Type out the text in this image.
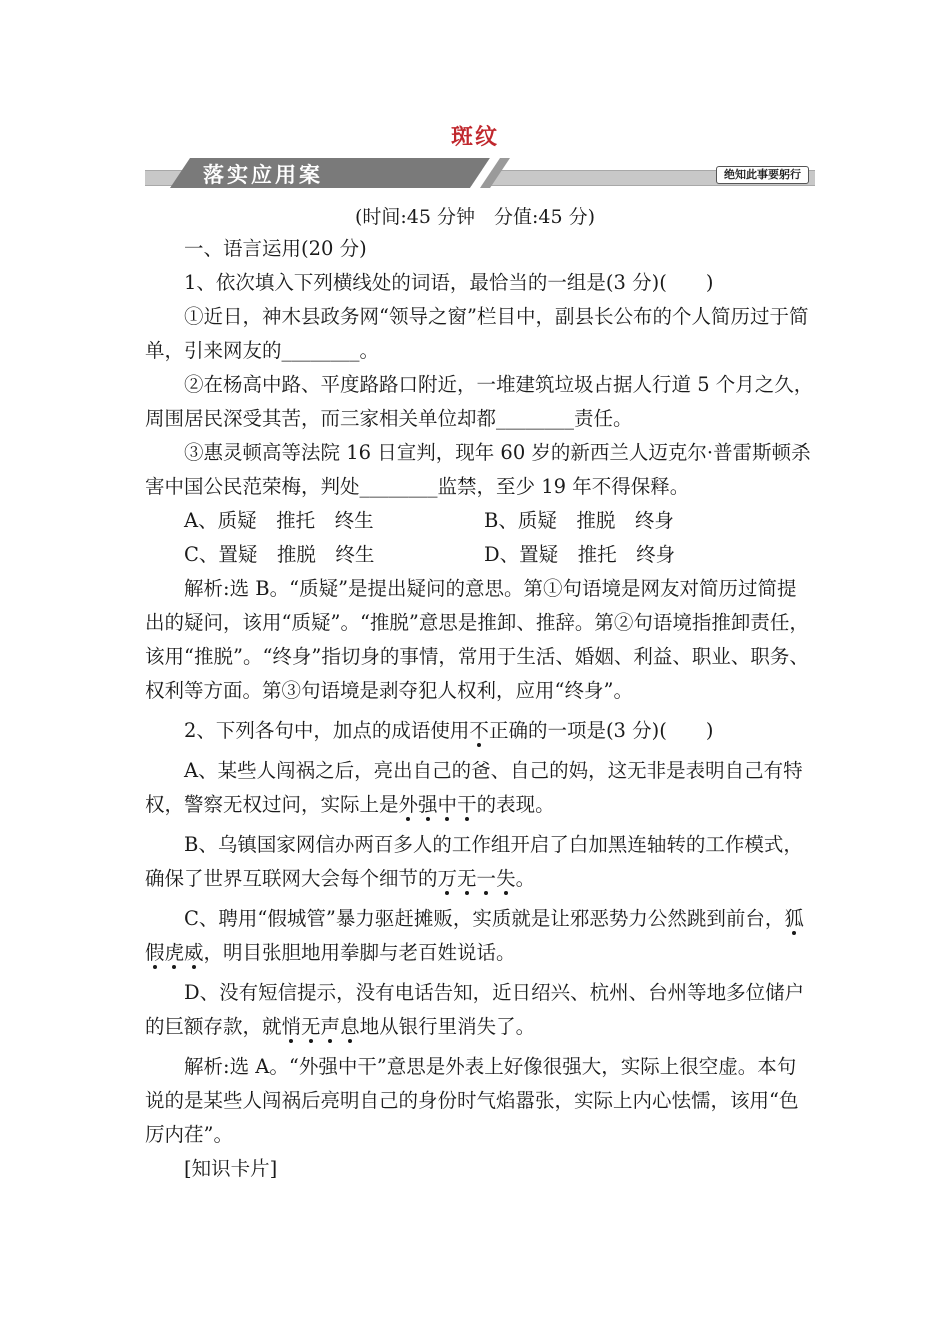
斑纹
落实应用案	绝知此事要躬行
(时间:45 分钟　分值:45 分)

一、语言运用(20 分)

1、依次填入下列横线处的词语，最恰当的一组是(3 分)(　　)

①近日，神木县政务网“领导之窗”栏目中，副县长公布的个人简历过于简单，引来网友的________。

②在杨高中路、平度路路口附近，一堆建筑垃圾占据人行道 5 个月之久，周围居民深受其苦，而三家相关单位却都________责任。

③惠灵顿高等法院 16 日宣判，现年 60 岁的新西兰人迈克尔·普雷斯顿杀害中国公民范荣梅，判处________监禁，至少 19 年不得保释。

A、质疑　推托　终生	B、质疑　推脱　终身
C、置疑　推脱　终生	D、置疑　推托　终身

解析:选 B。“质疑”是提出疑问的意思。第①句语境是网友对简历过简提出的疑问，该用“质疑”。“推脱”意思是推卸、推辞。第②句语境指推卸责任，该用“推脱”。“终身”指切身的事情，常用于生活、婚姻、利益、职业、职务、权利等方面。第③句语境是剥夺犯人权利，应用“终身”。

2、下列各句中，加点的成语使用不正确的一项是(3 分)(　　)

A、某些人闯祸之后，亮出自己的爸、自己的妈，这无非是表明自己有特权，警察无权过问，实际上是外强中干的表现。

B、乌镇国家网信办两百多人的工作组开启了白加黑连轴转的工作模式，确保了世界互联网大会每个细节的万无一失。

C、聘用“假城管”暴力驱赶摊贩，实质就是让邪恶势力公然跳到前台，狐假虎威，明目张胆地用拳脚与老百姓说话。

D、没有短信提示，没有电话告知，近日绍兴、杭州、台州等地多位储户的巨额存款，就悄无声息地从银行里消失了。

解析:选 A。“外强中干”意思是外表上好像很强大，实际上很空虚。本句说的是某些人闯祸后亮明自己的身份时气焰嚣张，实际上内心怯懦，该用“色厉内荏”。

[知识卡片]
